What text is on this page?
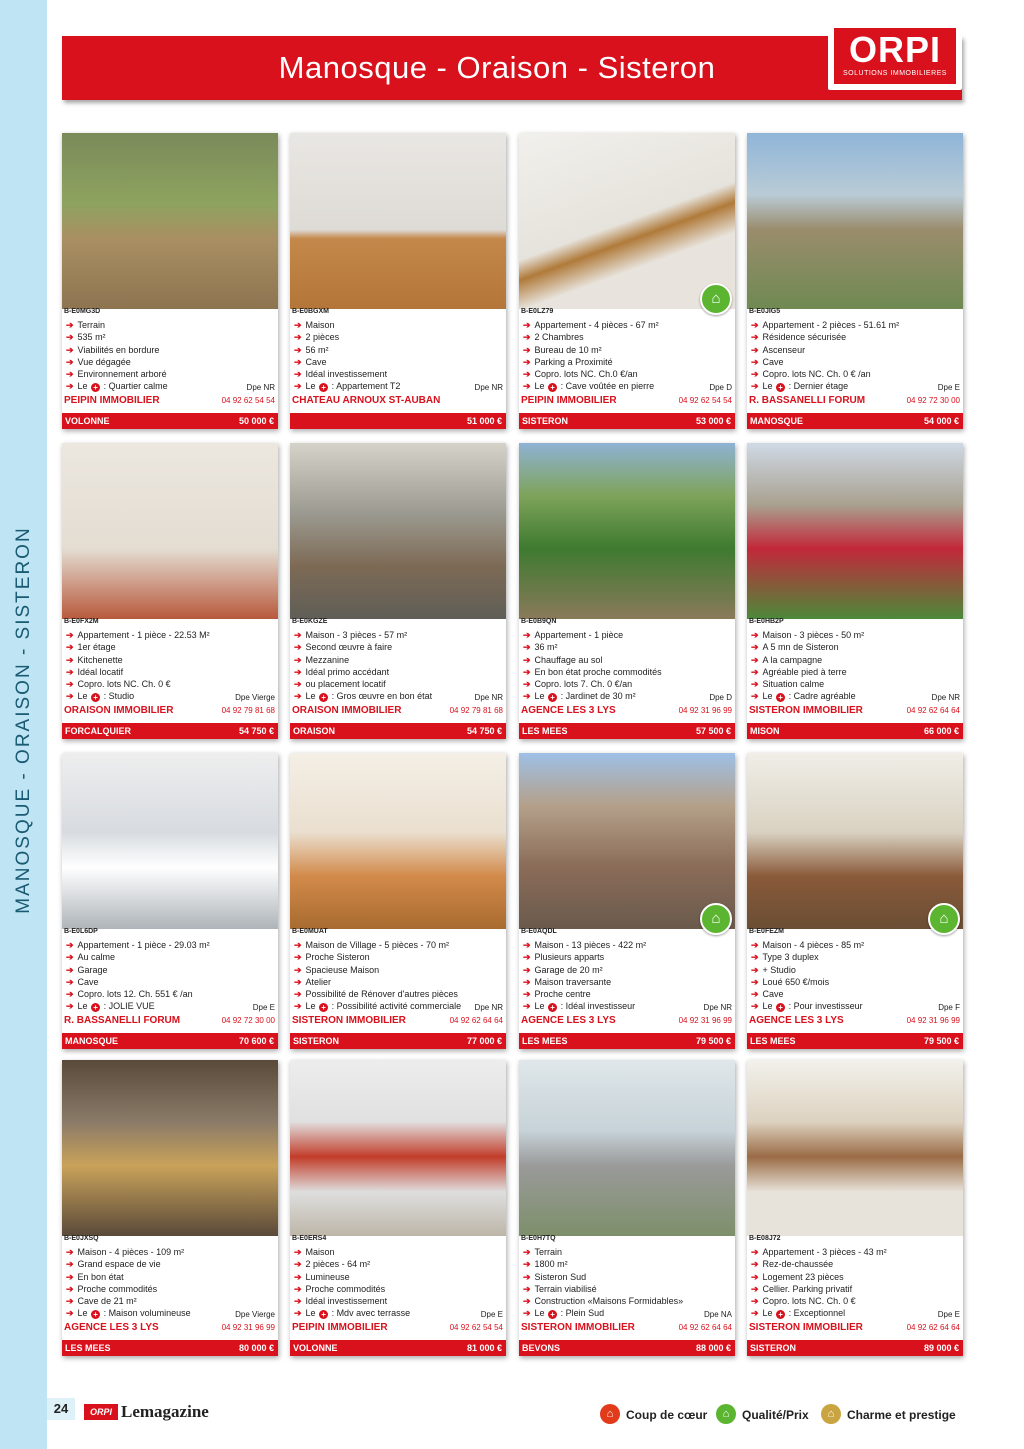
MANOSQUE - ORAISON - SISTERON
24
Manosque - Oraison - Sisteron	ORPI
SOLUTIONS IMMOBILIERES
B-E0MG3D
➔ Terrain
➔ 535 m²
➔ Viabilités en bordure
➔ Vue dégagée
➔ Environnement arboré
➔ Le + : Quartier calme	Dpe NR
PEIPIN IMMOBILIER	04 92 62 54 54
VOLONNE	50 000 €
B-E0BGXM
➔ Maison
➔ 2 pièces
➔ 56 m²
➔ Cave
➔ Idéal investissement
➔ Le + : Appartement T2	Dpe NR
CHATEAU ARNOUX ST-AUBAN
51 000 €
B-E0LZ79
⌂
➔ Appartement - 4 pièces - 67 m²
➔ 2 Chambres
➔ Bureau de 10 m²
➔ Parking a Proximité
➔ Copro. lots NC. Ch.0 €/an
➔ Le + : Cave voûtée en pierre	Dpe D
PEIPIN IMMOBILIER	04 92 62 54 54
SISTERON	53 000 €
B-E0JIG5
➔ Appartement - 2 pièces - 51.61 m²
➔ Résidence sécurisée
➔ Ascenseur
➔ Cave
➔ Copro. lots NC. Ch. 0 € /an
➔ Le + : Dernier étage	Dpe E
R. BASSANELLI FORUM	04 92 72 30 00
MANOSQUE	54 000 €
B-E0FX2M
➔ Appartement - 1 pièce - 22.53 M²
➔ 1er étage
➔ Kitchenette
➔ Idéal locatif
➔ Copro. lots NC. Ch. 0 €
➔ Le + : Studio	Dpe Vierge
ORAISON IMMOBILIER	04 92 79 81 68
FORCALQUIER	54 750 €
B-E0KGZE
➔ Maison - 3 pièces - 57 m²
➔ Second œuvre à faire
➔ Mezzanine
➔ Idéal primo accédant
➔ ou placement locatif
➔ Le + : Gros œuvre en bon état	Dpe NR
ORAISON IMMOBILIER	04 92 79 81 68
ORAISON	54 750 €
B-E0B9QN
➔ Appartement - 1 pièce
➔ 36 m²
➔ Chauffage au sol
➔ En bon état proche commodités
➔ Copro. lots 7. Ch. 0 €/an
➔ Le + : Jardinet de 30 m²	Dpe D
AGENCE LES 3 LYS	04 92 31 96 99
LES MEES	57 500 €
B-E0HB2P
➔ Maison - 3 pièces - 50 m²
➔ A 5 mn de Sisteron
➔ A la campagne
➔ Agréable pied à terre
➔ Situation calme
➔ Le + : Cadre agréable	Dpe NR
SISTERON IMMOBILIER	04 92 62 64 64
MISON	66 000 €
B-E0L6DP
➔ Appartement - 1 pièce - 29.03 m²
➔ Au calme
➔ Garage
➔ Cave
➔ Copro. lots 12. Ch. 551 € /an
➔ Le + : JOLIE VUE	Dpe E
R. BASSANELLI FORUM	04 92 72 30 00
MANOSQUE	70 600 €
B-E0MUAT
➔ Maison de Village - 5 pièces - 70 m²
➔ Proche Sisteron
➔ Spacieuse Maison
➔ Atelier
➔ Possibilité de Rénover d'autres pièces
➔ Le + : Possibilité activité commerciale	Dpe NR
SISTERON IMMOBILIER	04 92 62 64 64
SISTERON	77 000 €
B-E0AQDL
⌂
➔ Maison - 13 pièces - 422 m²
➔ Plusieurs apparts
➔ Garage de 20 m²
➔ Maison traversante
➔ Proche centre
➔ Le + : Idéal investisseur	Dpe NR
AGENCE LES 3 LYS	04 92 31 96 99
LES MEES	79 500 €
B-E0FEZM
⌂
➔ Maison - 4 pièces - 85 m²
➔ Type 3 duplex
➔ + Studio
➔ Loué 650 €/mois
➔ Cave
➔ Le + : Pour investisseur	Dpe F
AGENCE LES 3 LYS	04 92 31 96 99
LES MEES	79 500 €
B-E0JXSQ
➔ Maison - 4 pièces - 109 m²
➔ Grand espace de vie
➔ En bon état
➔ Proche commodités
➔ Cave de 21 m²
➔ Le + : Maison volumineuse	Dpe Vierge
AGENCE LES 3 LYS	04 92 31 96 99
LES MEES	80 000 €
B-E0ERS4
➔ Maison
➔ 2 pièces - 64 m²
➔ Lumineuse
➔ Proche commodités
➔ Idéal investissement
➔ Le + : Mdv avec terrasse	Dpe E
PEIPIN IMMOBILIER	04 92 62 54 54
VOLONNE	81 000 €
B-E0H7TQ
➔ Terrain
➔ 1800 m²
➔ Sisteron Sud
➔ Terrain viabilisé
➔ Construction «Maisons Formidables»
➔ Le + : Plein Sud	Dpe NA
SISTERON IMMOBILIER	04 92 62 64 64
BEVONS	88 000 €
B-E08J72
➔ Appartement - 3 pièces - 43 m²
➔ Rez-de-chaussée
➔ Logement 23 pièces
➔ Cellier. Parking privatif
➔ Copro. lots NC. Ch. 0 €
➔ Le + : Exceptionnel	Dpe E
SISTERON IMMOBILIER	04 92 62 64 64
SISTERON	89 000 €
ORPI Lemagazine	⌂	Coup de cœur	⌂	Qualité/Prix	⌂	Charme et prestige
